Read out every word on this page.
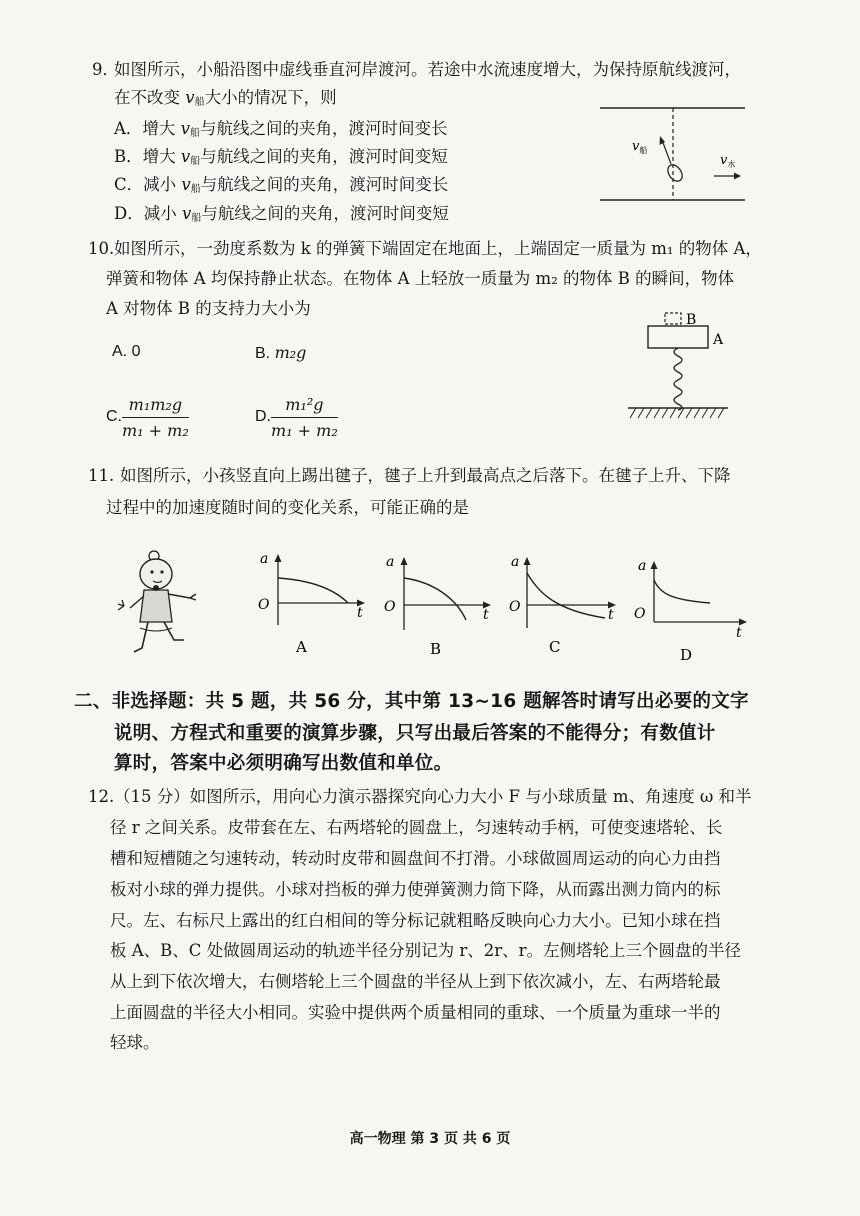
9．
如图所示，小船沿图中虚线垂直河岸渡河。若途中水流速度增大，为保持原航线渡河，
在不改变 $v_船$大小的情况下，则
A．增大 $v_船$与航线之间的夹角，渡河时间变长
B．增大 $v_船$与航线之间的夹角，渡河时间变短
C．减小 $v_船$与航线之间的夹角，渡河时间变长
D．减小 $v_船$与航线之间的夹角，渡河时间变短
$v_船$
$v_水$
10. 如图所示，一劲度系数为 k 的弹簧下端固定在地面上，上端固定一质量为 m₁ 的物体 A，
弹簧和物体 A 均保持静止状态。在物体 A 上轻放一质量为 m₂ 的物体 B 的瞬间，物体
A 对物体 B 的支持力大小为
A. 0	B. m₂g
C. $\frac{\text{m₁m₂g}}{\text{m₁ + m₂}}$	D. $\frac{\text{m₁²g}}{\text{m₁ + m₂}}$
B
A
11. 如图所示，小孩竖直向上踢出毽子，毽子上升到最高点之后落下。在毽子上升、下降
过程中的加速度随时间的变化关系，可能正确的是
a
O	t
A
a
O	t
B
a
O	t
C
a
O
t
D
二、非选择题：共 5 题，共 56 分，其中第 13~16 题解答时请写出必要的文字
说明、方程式和重要的演算步骤，只写出最后答案的不能得分；有数值计
算时，答案中必须明确写出数值和单位。
12. （15 分）如图所示，用向心力演示器探究向心力大小 F 与小球质量 m、角速度 ω 和半
径 r 之间关系。皮带套在左、右两塔轮的圆盘上，匀速转动手柄，可使变速塔轮、长
槽和短槽随之匀速转动，转动时皮带和圆盘间不打滑。小球做圆周运动的向心力由挡
板对小球的弹力提供。小球对挡板的弹力使弹簧测力筒下降，从而露出测力筒内的标
尺。左、右标尺上露出的红白相间的等分标记就粗略反映向心力大小。已知小球在挡
板 A、B、C 处做圆周运动的轨迹半径分别记为 r、2r、r。左侧塔轮上三个圆盘的半径
从上到下依次增大，右侧塔轮上三个圆盘的半径从上到下依次减小，左、右两塔轮最
上面圆盘的半径大小相同。实验中提供两个质量相同的重球、一个质量为重球一半的
轻球。
高一物理 第 3 页 共 6 页
